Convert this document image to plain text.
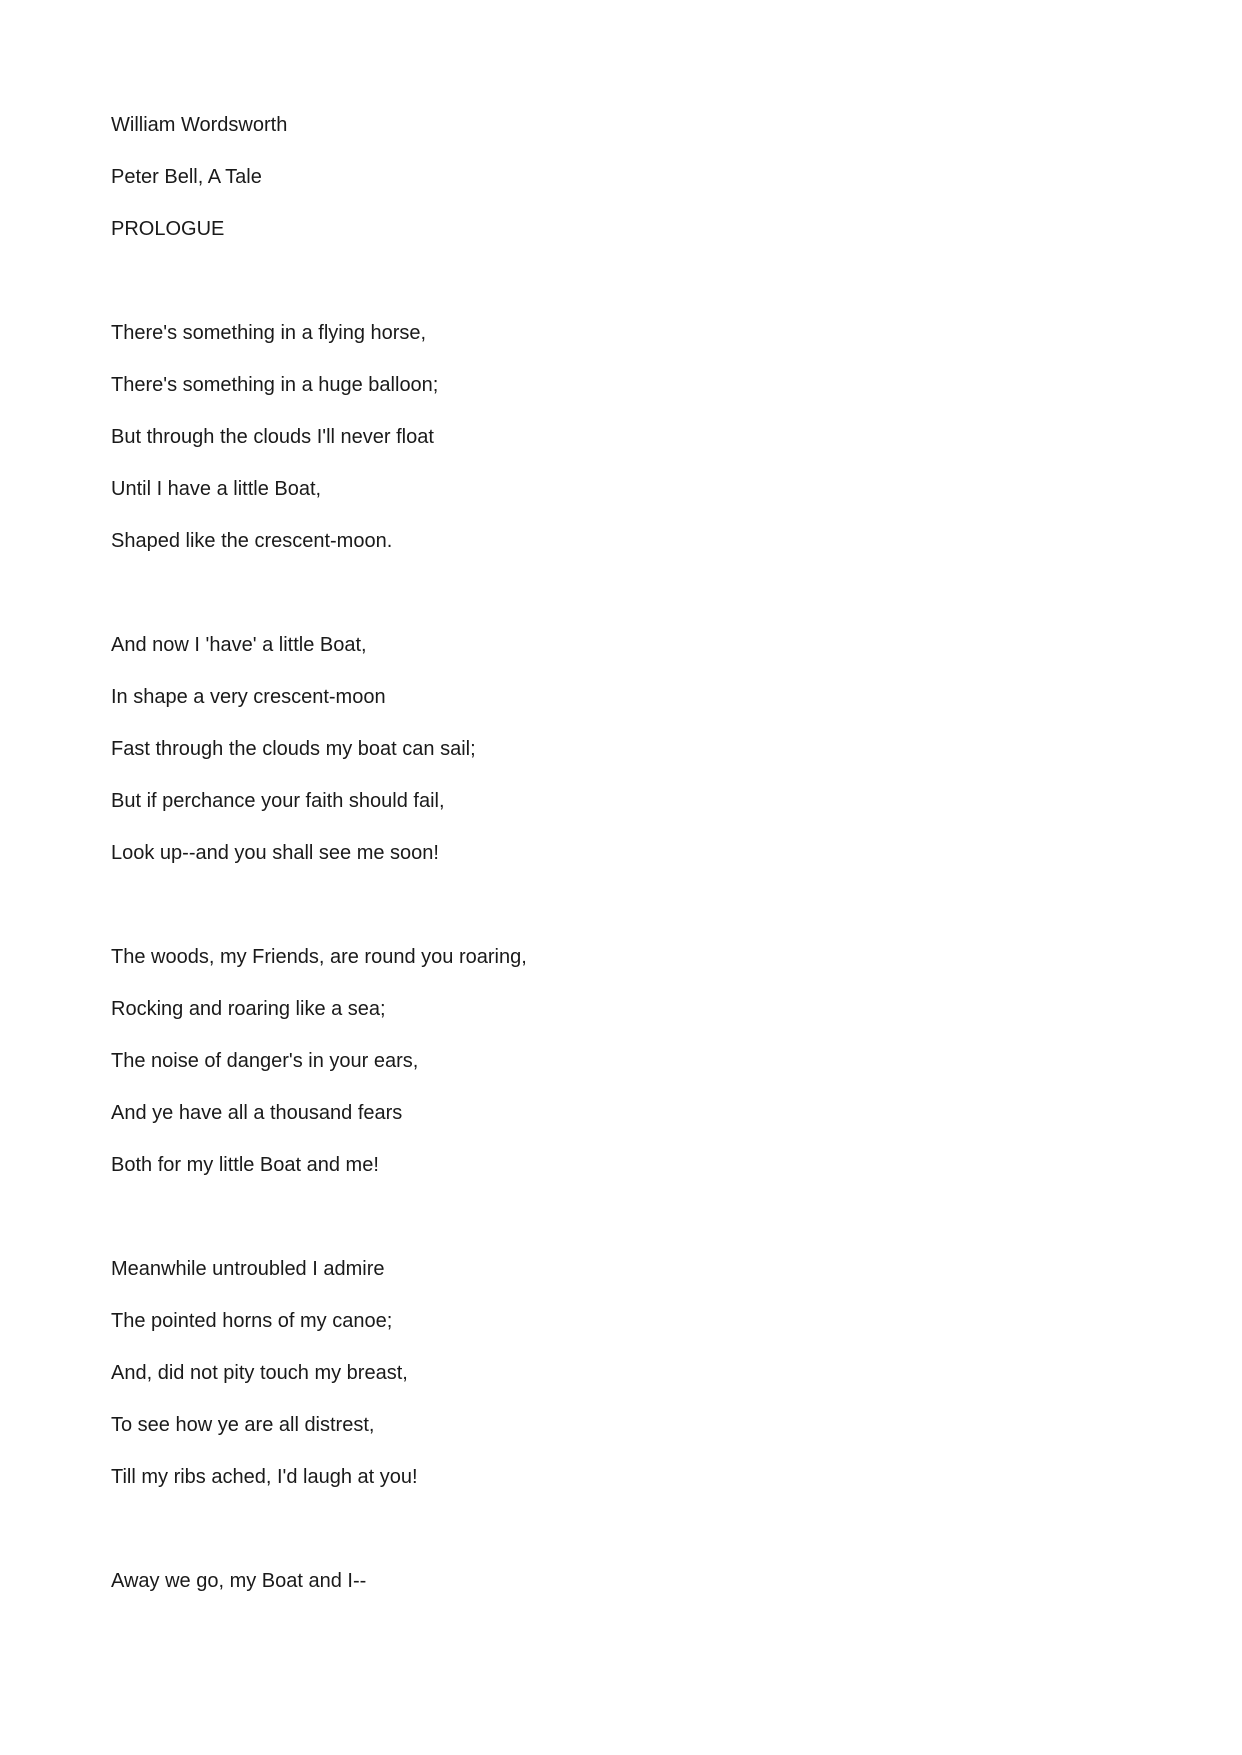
William Wordsworth

Peter Bell, A Tale

PROLOGUE

There's something in a flying horse,

There's something in a huge balloon;

But through the clouds I'll never float

Until I have a little Boat,

Shaped like the crescent-moon.

And now I 'have' a little Boat,

In shape a very crescent-moon

Fast through the clouds my boat can sail;

But if perchance your faith should fail,

Look up--and you shall see me soon!

The woods, my Friends, are round you roaring,

Rocking and roaring like a sea;

The noise of danger's in your ears,

And ye have all a thousand fears

Both for my little Boat and me!

Meanwhile untroubled I admire

The pointed horns of my canoe;

And, did not pity touch my breast,

To see how ye are all distrest,

Till my ribs ached, I'd laugh at you!

Away we go, my Boat and I--
